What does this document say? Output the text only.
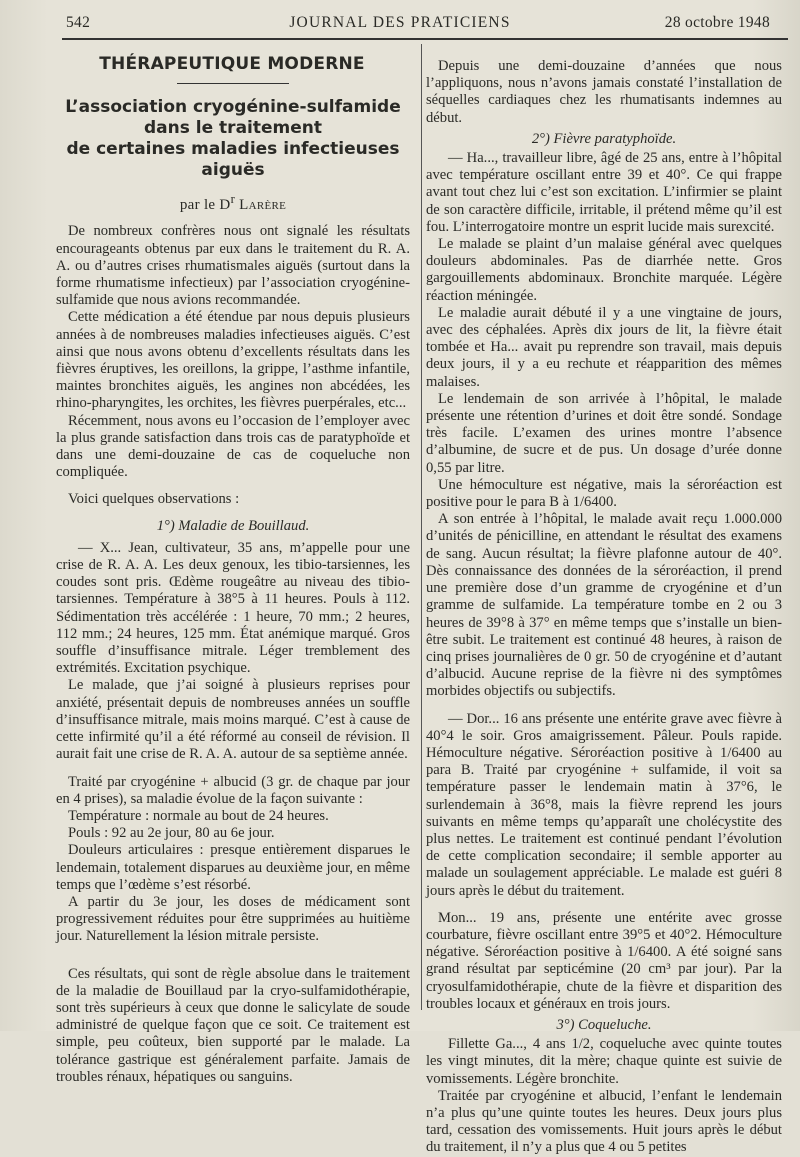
542	JOURNAL DES PRATICIENS	28 octobre 1948
THÉRAPEUTIQUE MODERNE
L’association cryogénine-sulfamide
dans le traitement
de certaines maladies infectieuses aiguës
par le $D^r$ Larère

De nombreux confrères nous ont signalé les résultats encourageants obtenus par eux dans le traitement du R. A. A. ou d’autres crises rhumatismales aiguës (surtout dans la forme rhumatisme infectieux) par l’association cryogénine-sulfamide que nous avions recommandée.

Cette médication a été étendue par nous depuis plusieurs années à de nombreuses maladies infectieuses aiguës. C’est ainsi que nous avons obtenu d’excellents résultats dans les fièvres éruptives, les oreillons, la grippe, l’asthme infantile, maintes bronchites aiguës, les angines non abcédées, les rhino-pharyngites, les orchites, les fièvres puerpérales, etc...

Récemment, nous avons eu l’occasion de l’employer avec la plus grande satisfaction dans trois cas de paratyphoïde et dans une demi-douzaine de cas de coqueluche non compliquée.

Voici quelques observations :

1°) Maladie de Bouillaud.

— X... Jean, cultivateur, 35 ans, m’appelle pour une crise de R. A. A. Les deux genoux, les tibio-tarsiennes, les coudes sont pris. Œdème rougeâtre au niveau des tibio-tarsiennes. Température à 38°5 à 11 heures. Pouls à 112. Sédimentation très accélérée : 1 heure, 70 mm.; 2 heures, 112 mm.; 24 heures, 125 mm. État anémique marqué. Gros souffle d’insuffisance mitrale. Léger tremblement des extrémités. Excitation psychique.

Le malade, que j’ai soigné à plusieurs reprises pour anxiété, présentait depuis de nombreuses années un souffle d’insuffisance mitrale, mais moins marqué. C’est à cause de cette infirmité qu’il a été réformé au conseil de révision. Il aurait fait une crise de R. A. A. autour de sa septième année.

Traité par cryogénine + albucid (3 gr. de chaque par jour en 4 prises), sa maladie évolue de la façon suivante :

Température : normale au bout de 24 heures.

Pouls : 92 au 2e jour, 80 au 6e jour.

Douleurs articulaires : presque entièrement disparues le lendemain, totalement disparues au deuxième jour, en même temps que l’œdème s’est résorbé.

A partir du 3e jour, les doses de médicament sont progressivement réduites pour être supprimées au huitième jour. Naturellement la lésion mitrale persiste.

Ces résultats, qui sont de règle absolue dans le traitement de la maladie de Bouillaud par la cryo-sulfamidothérapie, sont très supérieurs à ceux que donne le salicylate de soude administré de quelque façon que ce soit. Ce traitement est simple, peu coûteux, bien supporté par le malade. La tolérance gastrique est généralement parfaite. Jamais de troubles rénaux, hépatiques ou sanguins.

Depuis une demi-douzaine d’années que nous l’appliquons, nous n’avons jamais constaté l’installation de séquelles cardiaques chez les rhumatisants indemnes au début.

2°) Fièvre paratyphoïde.

— Ha..., travailleur libre, âgé de 25 ans, entre à l’hôpital avec température oscillant entre 39 et 40°. Ce qui frappe avant tout chez lui c’est son excitation. L’infirmier se plaint de son caractère difficile, irritable, il prétend même qu’il est fou. L’interrogatoire montre un esprit lucide mais surexcité.

Le malade se plaint d’un malaise général avec quelques douleurs abdominales. Pas de diarrhée nette. Gros gargouillements abdominaux. Bronchite marquée. Légère réaction méningée.

Le maladie aurait débuté il y a une vingtaine de jours, avec des céphalées. Après dix jours de lit, la fièvre était tombée et Ha... avait pu reprendre son travail, mais depuis deux jours, il y a eu rechute et réapparition des mêmes malaises.

Le lendemain de son arrivée à l’hôpital, le malade présente une rétention d’urines et doit être sondé. Sondage très facile. L’examen des urines montre l’absence d’albumine, de sucre et de pus. Un dosage d’urée donne 0,55 par litre.

Une hémoculture est négative, mais la séroréaction est positive pour le para B à 1/6400.

A son entrée à l’hôpital, le malade avait reçu 1.000.000 d’unités de pénicilline, en attendant le résultat des examens de sang. Aucun résultat; la fièvre plafonne autour de 40°. Dès connaissance des données de la séroréaction, il prend une première dose d’un gramme de cryogénine et d’un gramme de sulfamide. La température tombe en 2 ou 3 heures de 39°8 à 37° en même temps que s’installe un bien-être subit. Le traitement est continué 48 heures, à raison de cinq prises journalières de 0 gr. 50 de cryogénine et d’autant d’albucid. Aucune reprise de la fièvre ni des symptômes morbides objectifs ou subjectifs.

— Dor... 16 ans présente une entérite grave avec fièvre à 40°4 le soir. Gros amaigrissement. Pâleur. Pouls rapide. Hémoculture négative. Séroréaction positive à 1/6400 au para B. Traité par cryogénine + sulfamide, il voit sa température passer le lendemain matin à 37°6, le surlendemain à 36°8, mais la fièvre reprend les jours suivants en même temps qu’apparaît une cholécystite des plus nettes. Le traitement est continué pendant l’évolution de cette complication secondaire; il semble apporter au malade un soulagement appréciable. Le malade est guéri 8 jours après le début du traitement.

Mon... 19 ans, présente une entérite avec grosse courbature, fièvre oscillant entre 39°5 et 40°2. Hémoculture négative. Séroréaction positive à 1/6400. A été soigné sans grand résultat par septicémine (20 cm³ par jour). Par la cryosulfamidothérapie, chute de la fièvre et disparition des troubles locaux et généraux en trois jours.

3°) Coqueluche.

Fillette Ga..., 4 ans 1/2, coqueluche avec quinte toutes les vingt minutes, dit la mère; chaque quinte est suivie de vomissements. Légère bronchite.

Traitée par cryogénine et albucid, l’enfant le lendemain n’a plus qu’une quinte toutes les heures. Deux jours plus tard, cessation des vomissements. Huit jours après le début du traitement, il n’y a plus que 4 ou 5 petites
